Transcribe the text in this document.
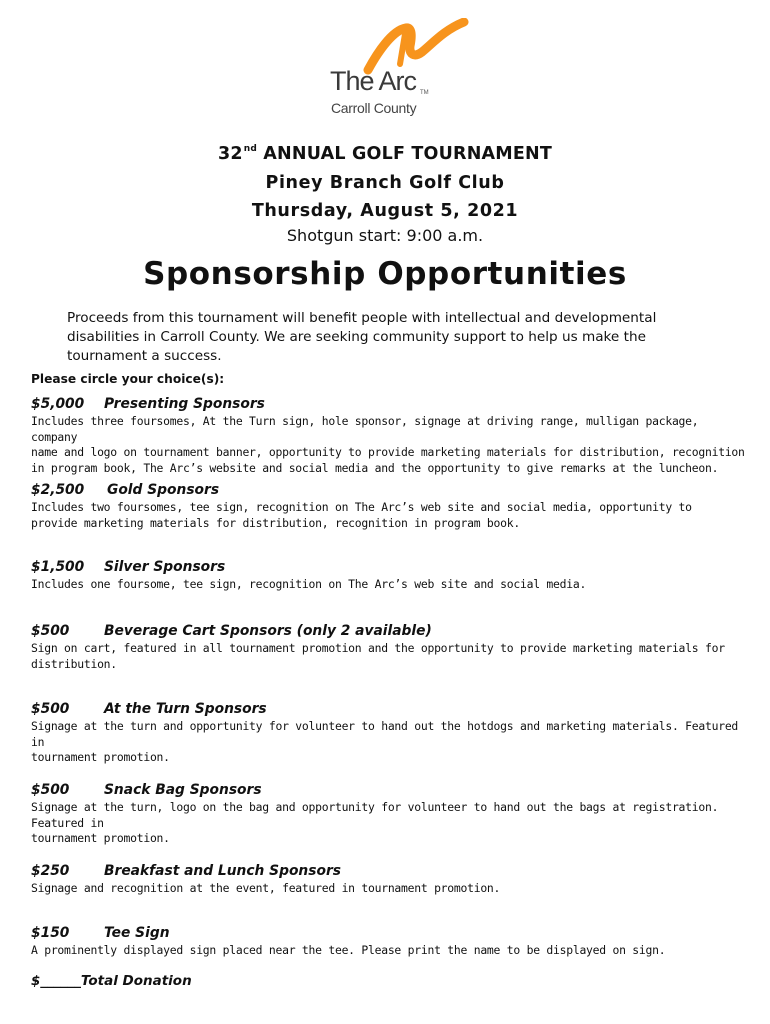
The Arc TM
Carroll County
32nd ANNUAL GOLF TOURNAMENT
Piney Branch Golf Club
Thursday, August 5, 2021
Shotgun start: 9:00 a.m.
Sponsorship Opportunities
Proceeds from this tournament will benefit people with intellectual and developmental
disabilities in Carroll County. We are seeking community support to help us make the
tournament a success.
Please circle your choice(s):
$5,000 Presenting Sponsors
Includes three foursomes, At the Turn sign, hole sponsor, signage at driving range, mulligan package, company
name and logo on tournament banner, opportunity to provide marketing materials for distribution, recognition
in program book, The Arc’s website and social media and the opportunity to give remarks at the luncheon.
$2,500 Gold Sponsors
Includes two foursomes, tee sign, recognition on The Arc’s web site and social media, opportunity to
provide marketing materials for distribution, recognition in program book.
$1,500 Silver Sponsors
Includes one foursome, tee sign, recognition on The Arc’s web site and social media.
$500	Beverage Cart Sponsors (only 2 available)
Sign on cart, featured in all tournament promotion and the opportunity to provide marketing materials for
distribution.
$500	At the Turn Sponsors
Signage at the turn and opportunity for volunteer to hand out the hotdogs and marketing materials. Featured in
tournament promotion.
$500	Snack Bag Sponsors
Signage at the turn, logo on the bag and opportunity for volunteer to hand out the bags at registration. Featured in
tournament promotion.
$250	Breakfast and Lunch Sponsors
Signage and recognition at the event, featured in tournament promotion.
$150	Tee Sign
A prominently displayed sign placed near the tee. Please print the name to be displayed on sign.
$______Total Donation
